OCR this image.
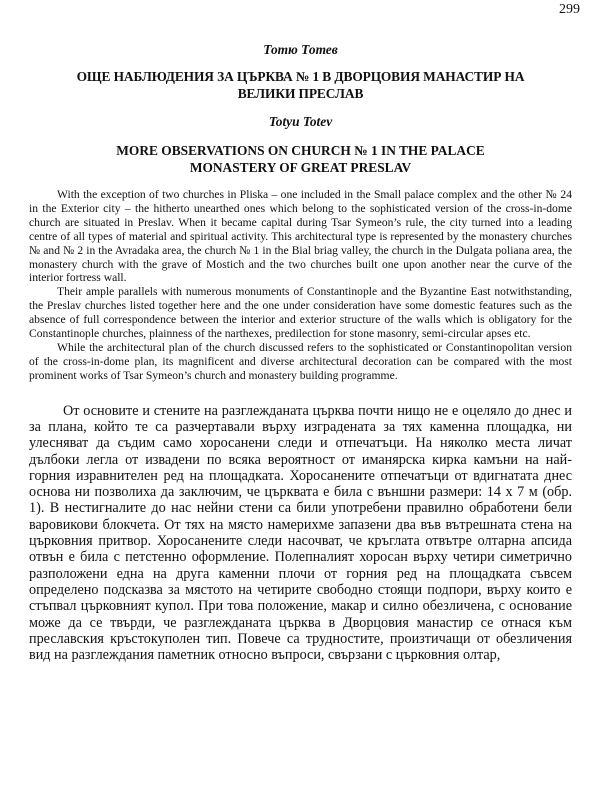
299
Тотю Тотев
ОЩЕ НАБЛЮДЕНИЯ ЗА ЦЪРКВА № 1 В ДВОРЦОВИЯ МАНАСТИР НА
ВЕЛИКИ ПРЕСЛАВ
Totyu Totev
MORE OBSERVATIONS ON CHURCH № 1 IN THE PALACE
MONASTERY OF GREAT PRESLAV

With the exception of two churches in Pliska – one included in the Small palace complex and the other № 24 in the Exterior city – the hitherto unearthed ones which belong to the sophisticated version of the cross-in-dome church are situated in Preslav. When it became capital during Tsar Symeon’s rule, the city turned into a leading centre of all types of material and spiritual activity. This architectural type is represented by the monastery churches № and № 2 in the Avradaka area, the church № 1 in the Bial briag valley, the church in the Dulgata poliana area, the monastery church with the grave of Mostich and the two churches built one upon another near the curve of the interior fortress wall.

Their ample parallels with numerous monuments of Constantinople and the Byzantine East notwithstanding, the Preslav churches listed together here and the one under consideration have some domestic features such as the absence of full correspondence between the interior and exterior structure of the walls which is obligatory for the Constantinople churches, plainness of the narthexes, predilection for stone masonry, semi-circular apses etc.

While the architectural plan of the church discussed refers to the sophisticated or Constantinopolitan version of the cross-in-dome plan, its magnificent and diverse architectural decoration can be compared with the most prominent works of Tsar Symeon’s church and monastery building programme.

От основите и стените на разглежданата църква почти нищо не е оцеляло до днес и за плана, който те са разчертавали върху изградената за тях каменна площадка, ни улесняват да съдим само хоросанени следи и отпечатъци. На няколко места личат дълбоки легла от извадени по всяка вероятност от иманярска кирка камъни на най-горния изравнителен ред на площадката. Хоросанените отпечатъци от вдигнатата днес основа ни позволиха да заключим, че църквата е била с външни размери: 14 х 7 м (обр. 1). В нестигналите до нас нейни стени са били употребени правилно обработени бели варовикови блокчета. От тях на място намерихме запазени два във вътрешната стена на църковния притвор. Хоросанените следи насочват, че кръглата отвътре олтарна апсида отвън е била с петстенно оформление. Полепналият хоросан върху четири симетрично разположени една на друга каменни плочи от горния ред на площадката съвсем определено подсказва за мястото на четирите свободно стоящи подпори, върху които е стъпвал църковният купол. При това положение, макар и силно обезличена, с основание може да се твърди, че разглежданата църква в Дворцовия манастир се отнася към преславския кръстокуполен тип. Повече са трудностите, произтичащи от обезличения вид на разглеждания паметник относно въпроси, свързани с църковния олтар,
